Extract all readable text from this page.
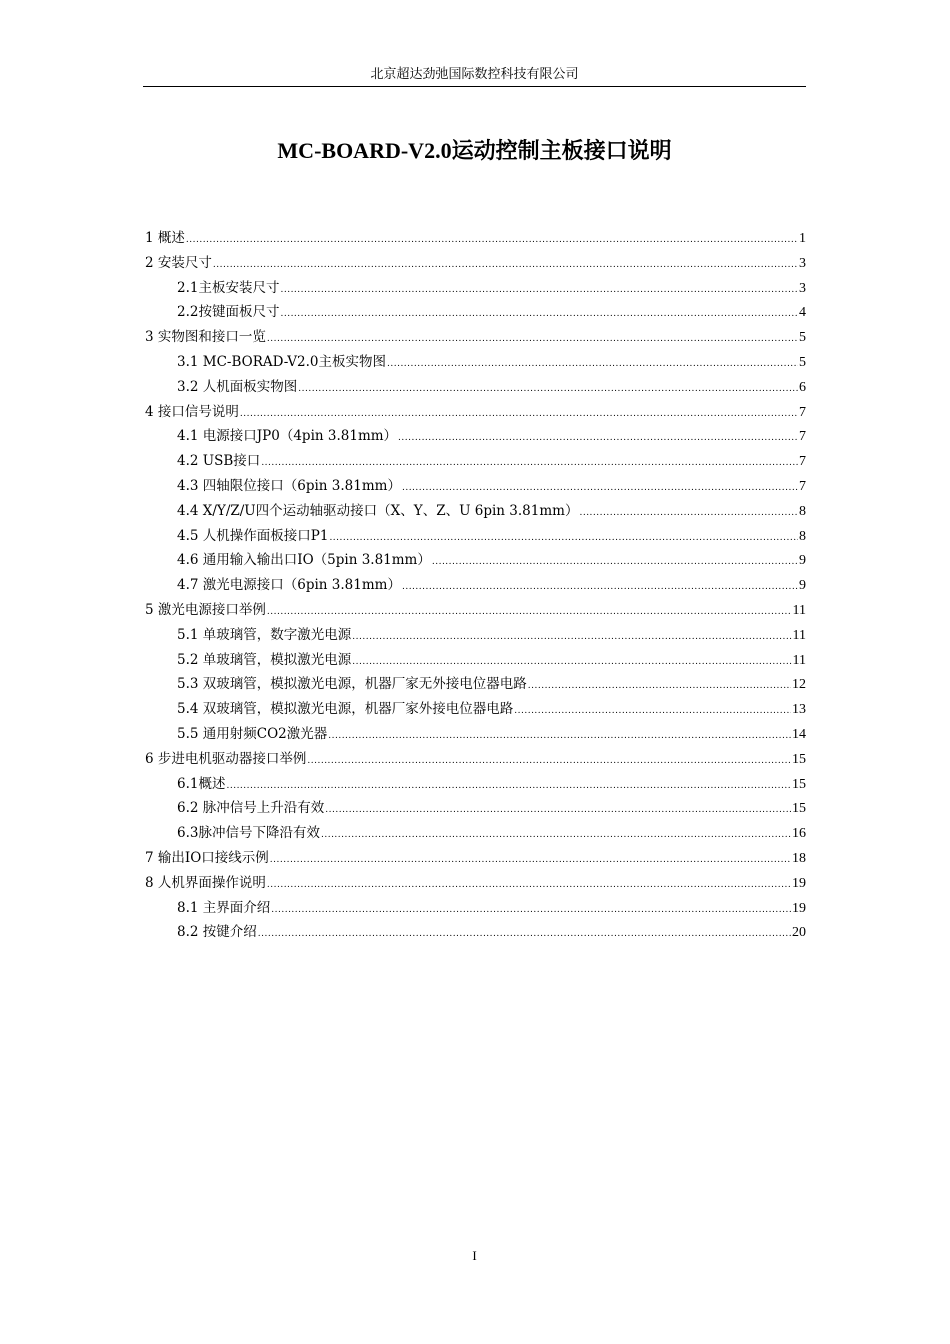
北京超达劲弛国际数控科技有限公司
MC-BOARD-V2.0运动控制主板接口说明
1 概述 .....	1
2 安装尺寸 .....	3
2.1主板安装尺寸 .....	3
2.2按键面板尺寸 .....	4
3 实物图和接口一览 .....	5
3.1 MC-BORAD-V2.0主板实物图 .....	5
3.2 人机面板实物图 .....	6
4 接口信号说明 .....	7
4.1 电源接口JP0（4pin 3.81mm） .....	7
4.2 USB接口 .....	7
4.3 四轴限位接口（6pin 3.81mm） .....	7
4.4 X/Y/Z/U四个运动轴驱动接口（X、Y、Z、U 6pin 3.81mm） .....	8
4.5 人机操作面板接口P1 .....	8
4.6 通用输入输出口IO（5pin 3.81mm） .....	9
4.7 激光电源接口（6pin 3.81mm） .....	9
5 激光电源接口举例 .....	11
5.1 单玻璃管，数字激光电源 .....	11
5.2 单玻璃管，模拟激光电源 .....	11
5.3 双玻璃管，模拟激光电源，机器厂家无外接电位器电路 .....	12
5.4 双玻璃管，模拟激光电源，机器厂家外接电位器电路 .....	13
5.5 通用射频CO2激光器 .....	14
6 步进电机驱动器接口举例 .....	15
6.1概述 .....	15
6.2 脉冲信号上升沿有效 .....	15
6.3脉冲信号下降沿有效 .....	16
7 输出IO口接线示例 .....	18
8 人机界面操作说明 .....	19
8.1 主界面介绍 .....	19
8.2 按键介绍 .....	20
I
